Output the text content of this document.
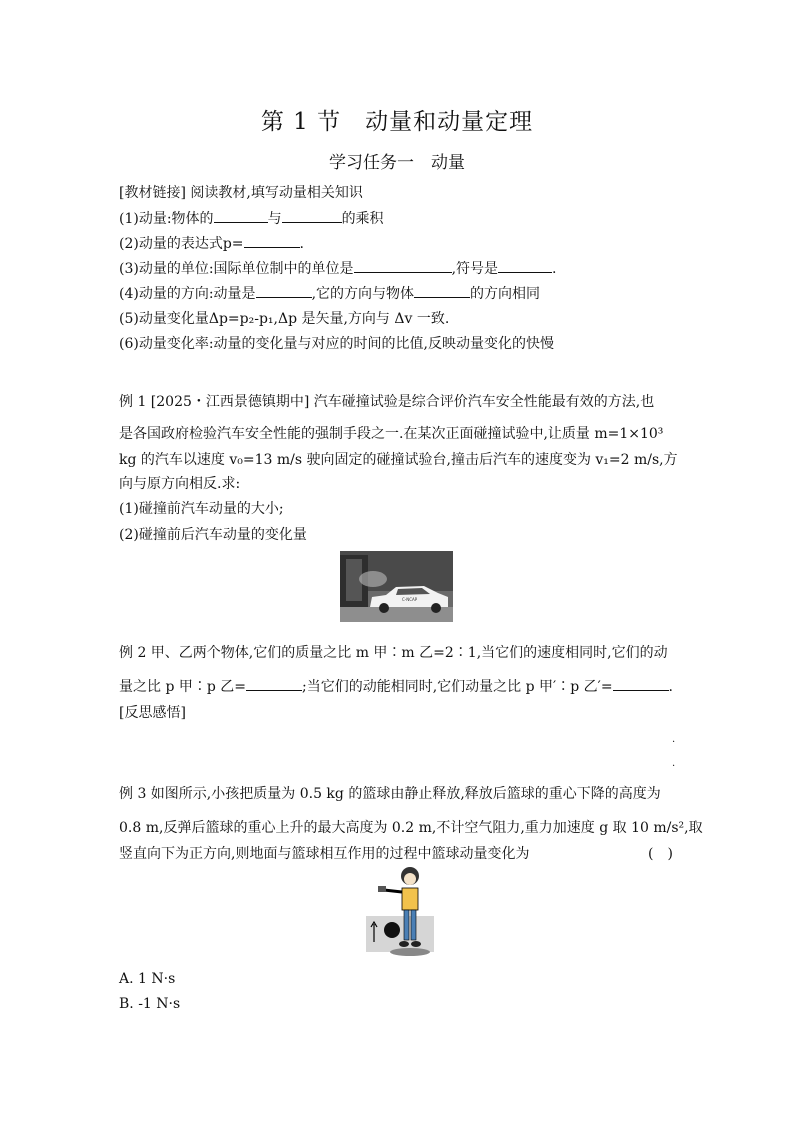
第 1 节　动量和动量定理
学习任务一　动量
[教材链接] 阅读教材,填写动量相关知识
(1)动量:物体的	与	的乘积
(2)动量的表达式p=	.
(3)动量的单位:国际单位制中的单位是	,符号是	.
(4)动量的方向:动量是	,它的方向与物体	的方向相同
(5)动量变化量Δp=p₂-p₁,Δp 是矢量,方向与 Δv 一致.
(6)动量变化率:动量的变化量与对应的时间的比值,反映动量变化的快慢
例 1 [2025・江西景德镇期中] 汽车碰撞试验是综合评价汽车安全性能最有效的方法,也
是各国政府检验汽车安全性能的强制手段之一.在某次正面碰撞试验中,让质量 m=1×10³
kg 的汽车以速度 v₀=13 m/s 驶向固定的碰撞试验台,撞击后汽车的速度变为 v₁=2 m/s,方
向与原方向相反.求:
(1)碰撞前汽车动量的大小;
(2)碰撞前后汽车动量的变化量
C-NCAP
例 2 甲、乙两个物体,它们的质量之比 m 甲∶m 乙=2∶1,当它们的速度相同时,它们的动
量之比 p 甲∶p 乙=	;当它们的动能相同时,它们动量之比 p 甲′∶p 乙′=	.
[反思感悟]
.
.
例 3 如图所示,小孩把质量为 0.5 kg 的篮球由静止释放,释放后篮球的重心下降的高度为
0.8 m,反弹后篮球的重心上升的最大高度为 0.2 m,不计空气阻力,重力加速度 g 取 10 m/s²,取
竖直向下为正方向,则地面与篮球相互作用的过程中篮球动量变化为	(　)
A. 1 N·s
B. -1 N·s
